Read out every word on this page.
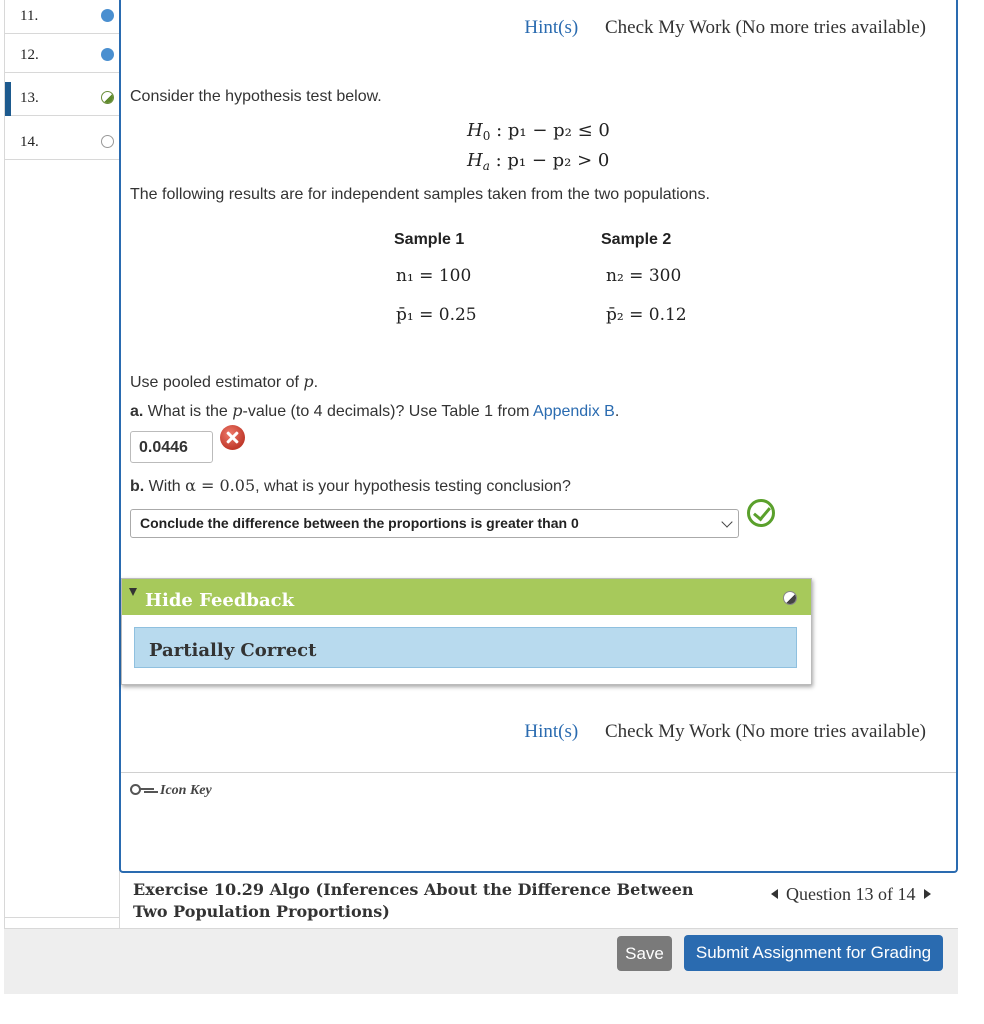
11.
12.
13.
14.
Hint(s) Check My Work (No more tries available)
Consider the hypothesis test below.
$H_0$ : p₁ − p₂ ≤ 0
$H_a$ : p₁ − p₂ > 0
The following results are for independent samples taken from the two populations.
Sample 1	Sample 2
n₁ = 100	n₂ = 300
p̄₁ = 0.25	p̄₂ = 0.12
Use pooled estimator of p.
a. What is the p-value (to 4 decimals)? Use Table 1 from Appendix B.
0.0446
b. With α = 0.05, what is your hypothesis testing conclusion?
Conclude the difference between the proportions is greater than 0
Hide Feedback
Partially Correct
Hint(s) Check My Work (No more tries available)
Icon Key
Exercise 10.29 Algo (Inferences About the Difference Between Two Population Proportions)
Question 13 of 14
Save	Submit Assignment for Grading
